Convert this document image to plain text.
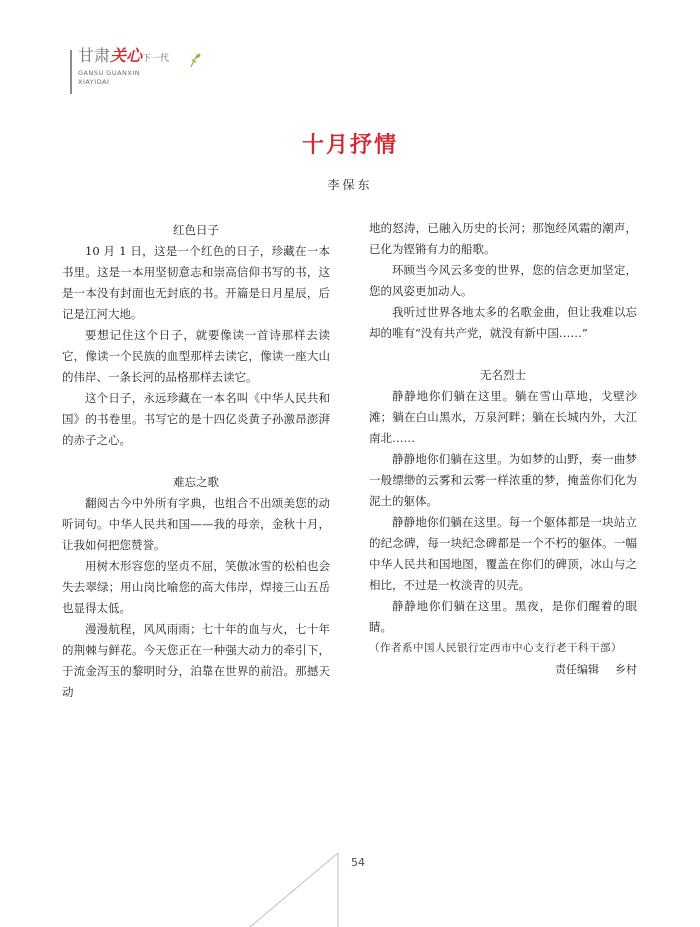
甘肃关心下一代
GANSU GUANXIN
XIAYIDAI
十月抒情
李保东

红色日子

10 月 1 日，这是一个红色的日子，珍藏在一本书里。这是一本用坚韧意志和崇高信仰书写的书，这是一本没有封面也无封底的书。开篇是日月星辰，后记是江河大地。

要想记住这个日子，就要像读一首诗那样去读它，像读一个民族的血型那样去读它，像读一座大山的伟岸、一条长河的品格那样去读它。

这个日子，永远珍藏在一本名叫《中华人民共和国》的书卷里。书写它的是十四亿炎黄子孙激昂澎湃的赤子之心。

难忘之歌

翻阅古今中外所有字典，也组合不出颂美您的动听词句。中华人民共和国——我的母亲，金秋十月，让我如何把您赞誉。

用树木形容您的坚贞不屈，笑傲冰雪的松柏也会失去翠绿；用山岗比喻您的高大伟岸，焊接三山五岳也显得太低。

漫漫航程，风风雨雨；七十年的血与火，七十年的荆棘与鲜花。今天您正在一种强大动力的牵引下，于流金泻玉的黎明时分，泊靠在世界的前沿。那撼天动

地的怒涛，已融入历史的长河；那饱经风霜的潮声，已化为铿锵有力的船歌。

环顾当今风云多变的世界，您的信念更加坚定，您的风姿更加动人。

我听过世界各地太多的名歌金曲，但让我难以忘却的唯有“没有共产党，就没有新中国……”

无名烈士

静静地你们躺在这里。躺在雪山草地，戈壁沙滩；躺在白山黑水，万泉河畔；躺在长城内外，大江南北……

静静地你们躺在这里。为如梦的山野，奏一曲梦一般缥缈的云雾和云雾一样浓重的梦，掩盖你们化为泥土的躯体。

静静地你们躺在这里。每一个躯体都是一块站立的纪念碑，每一块纪念碑都是一个不朽的躯体。一幅中华人民共和国地图，覆盖在你们的碑顶，冰山与之相比，不过是一枚淡青的贝壳。

静静地你们躺在这里。黑夜，是你们醒着的眼睛。

（作者系中国人民银行定西市中心支行老干科干部）

责任编辑 乡村

54
